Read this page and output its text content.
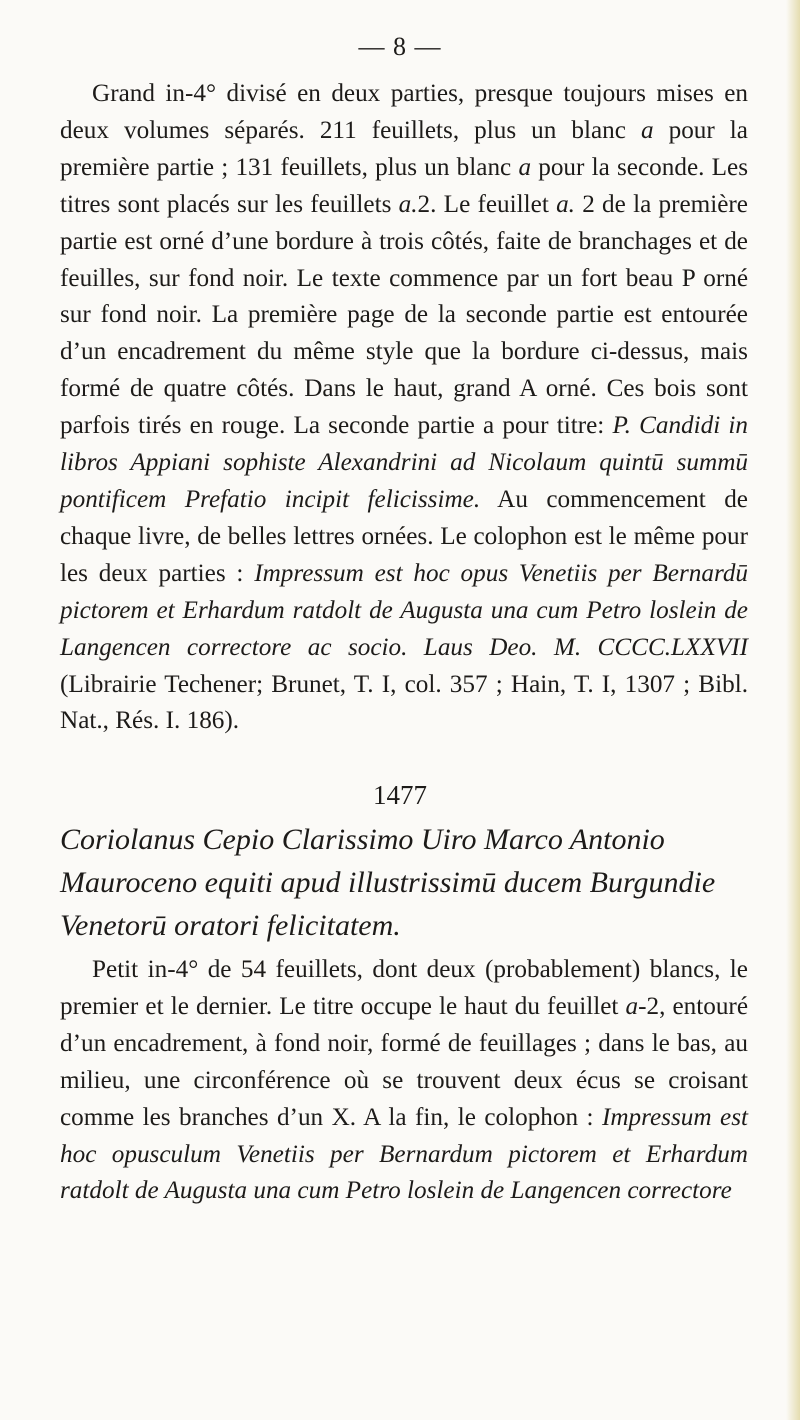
— 8 —
Grand in-4° divisé en deux parties, presque toujours mises en deux volumes séparés. 211 feuillets, plus un blanc a pour la première partie ; 131 feuillets, plus un blanc a pour la seconde. Les titres sont placés sur les feuillets a.2. Le feuillet a. 2 de la première partie est orné d’une bordure à trois côtés, faite de branchages et de feuilles, sur fond noir. Le texte commence par un fort beau P orné sur fond noir. La première page de la seconde partie est entourée d’un encadrement du même style que la bordure ci-dessus, mais formé de quatre côtés. Dans le haut, grand A orné. Ces bois sont parfois tirés en rouge. La seconde partie a pour titre: P. Candidi in libros Appiani sophiste Alexandrini ad Nicolaum quintū summū pontificem Prefatio incipit felicissime. Au commencement de chaque livre, de belles lettres ornées. Le colophon est le même pour les deux parties : Impressum est hoc opus Venetiis per Bernardū pictorem et Erhardum ratdolt de Augusta una cum Petro loslein de Langencen correctore ac socio. Laus Deo. M. CCCC.LXXVII (Librairie Techener; Brunet, T. I, col. 357 ; Hain, T. I, 1307 ; Bibl. Nat., Rés. I. 186).
1477
Coriolanus Cepio Clarissimo Uiro Marco Antonio
Mauroceno equiti apud illustrissimū ducem Burgundie
Venetorū oratori felicitatem.
Petit in-4° de 54 feuillets, dont deux (probablement) blancs, le premier et le dernier. Le titre occupe le haut du feuillet a-2, entouré d’un encadrement, à fond noir, formé de feuillages ; dans le bas, au milieu, une circonférence où se trouvent deux écus se croisant comme les branches d’un X. A la fin, le colophon : Impressum est hoc opusculum Venetiis per Bernardum pictorem et Erhardum ratdolt de Augusta una cum Petro loslein de Langencen correctore
